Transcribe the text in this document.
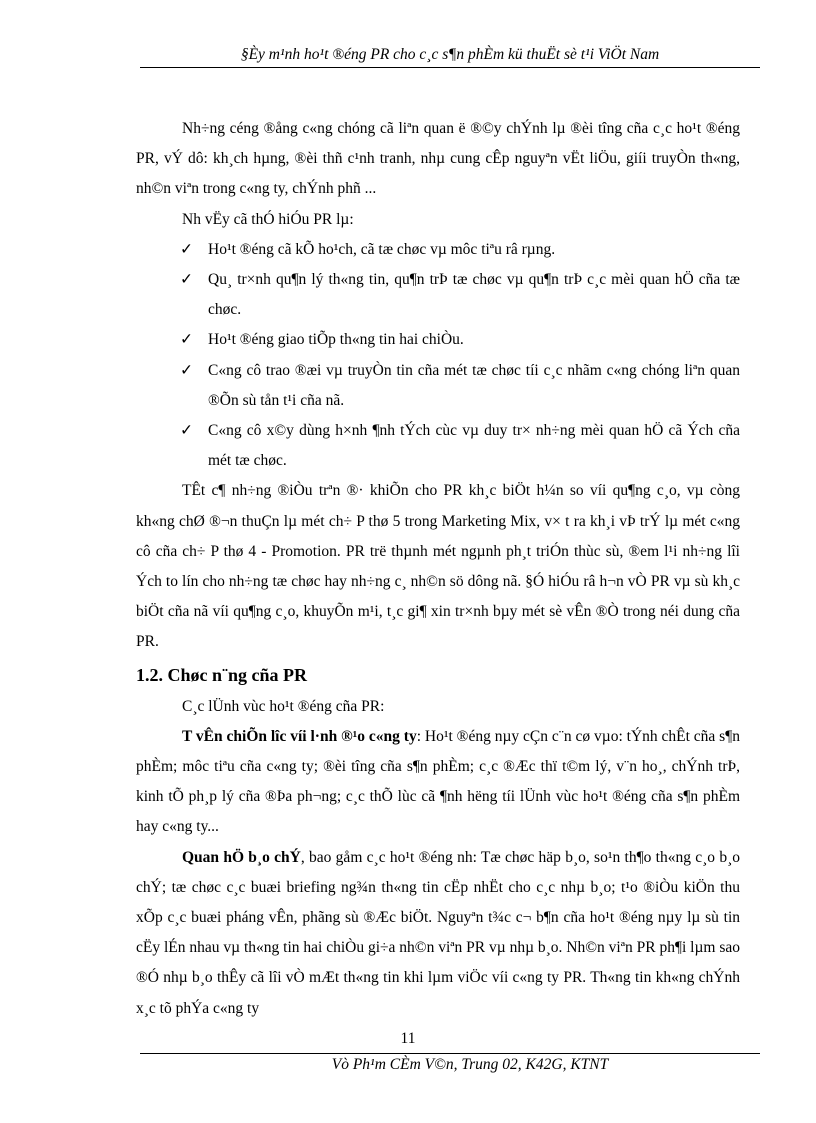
§Èy m¹nh ho¹t ®éng PR cho c¸c s¶n phÈm kü thuËt sè t¹i ViÖt Nam

Nh÷ng céng ®ång c«ng chóng cã liªn quan ë ®©y chÝnh lµ ®èi tîng cña c¸c ho¹t ®éng PR, vÝ dô: kh¸ch hµng, ®èi thñ c¹nh tranh, nhµ cung cÊp nguyªn vËt liÖu, giíi truyÒn th«ng, nh©n viªn trong c«ng ty, chÝnh phñ ...

Nh vËy cã thÓ hiÓu PR lµ:

✓ Ho¹t ®éng cã kÕ ho¹ch, cã tæ chøc vµ môc tiªu râ rµng.
✓ Qu¸ tr×nh qu¶n lý th«ng tin, qu¶n trÞ tæ chøc vµ qu¶n trÞ c¸c mèi quan hÖ cña tæ chøc.
✓ Ho¹t ®éng giao tiÕp th«ng tin hai chiÒu.
✓ C«ng cô trao ®æi vµ truyÒn tin cña mét tæ chøc tíi c¸c nhãm c«ng chóng liªn quan ®Õn sù tån t¹i cña nã.
✓ C«ng cô x©y dùng h×nh ¶nh tÝch cùc vµ duy tr× nh÷ng mèi quan hÖ cã Ých cña mét tæ chøc.

TÊt c¶ nh÷ng ®iÒu trªn ®· khiÕn cho PR kh¸c biÖt h¼n so víi qu¶ng c¸o, vµ còng kh«ng chØ ®¬n thuÇn lµ mét ch÷ P thø 5 trong Marketing Mix, v× t ra kh¸i vÞ trÝ lµ mét c«ng cô cña ch÷ P thø 4 - Promotion. PR trë thµnh mét ngµnh ph¸t triÓn thùc sù, ®em l¹i nh÷ng lîi Ých to lín cho nh÷ng tæ chøc hay nh÷ng c¸ nh©n sö dông nã. §Ó hiÓu râ h¬n vÒ PR vµ sù kh¸c biÖt cña nã víi qu¶ng c¸o, khuyÕn m¹i, t¸c gi¶ xin tr×nh bµy mét sè vÊn ®Ò trong néi dung cña PR.

1.2. Chøc n¨ng cña PR

C¸c lÜnh vùc ho¹t ®éng cña PR:

T vÊn chiÕn lîc víi l·nh ®¹o c«ng ty: Ho¹t ®éng nµy cÇn c¨n cø vµo: tÝnh chÊt cña s¶n phÈm; môc tiªu cña c«ng ty; ®èi tîng cña s¶n phÈm; c¸c ®Æc thï t©m lý, v¨n ho¸, chÝnh trÞ, kinh tÕ ph¸p lý cña ®Þa ph¬ng; c¸c thÕ lùc cã ¶nh hëng tíi lÜnh vùc ho¹t ®éng cña s¶n phÈm hay c«ng ty...

Quan hÖ b¸o chÝ, bao gåm c¸c ho¹t ®éng nh: Tæ chøc häp b¸o, so¹n th¶o th«ng c¸o b¸o chÝ; tæ chøc c¸c buæi briefing ng¾n th«ng tin cËp nhËt cho c¸c nhµ b¸o; t¹o ®iÒu kiÖn thu xÕp c¸c buæi pháng vÊn, phãng sù ®Æc biÖt. Nguyªn t¾c c¬ b¶n cña ho¹t ®éng nµy lµ sù tin cËy lÉn nhau vµ th«ng tin hai chiÒu gi÷a nh©n viªn PR vµ nhµ b¸o. Nh©n viªn PR ph¶i lµm sao ®Ó nhµ b¸o thÊy cã lîi vÒ mÆt th«ng tin khi lµm viÖc víi c«ng ty PR. Th«ng tin kh«ng chÝnh x¸c tõ phÝa c«ng ty

11
Vò Ph¹m CÈm V©n, Trung 02, K42G, KTNT
